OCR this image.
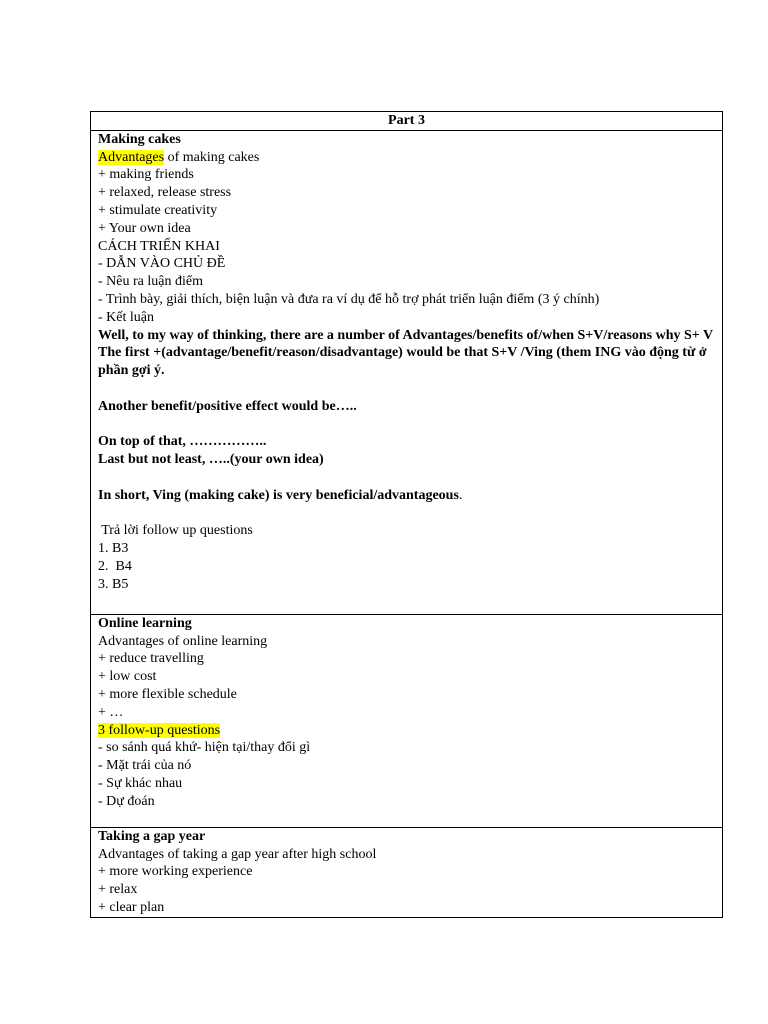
Part 3

Making cakes
Advantages of making cakes
+ making friends
+ relaxed, release stress
+ stimulate creativity
+ Your own idea
CÁCH TRIỂN KHAI
- DẪN VÀO CHỦ ĐỀ
- Nêu ra luận điểm
- Trình bày, giải thích, biện luận và đưa ra ví dụ để hỗ trợ phát triển luận điểm (3 ý chính)
- Kết luận
Well, to my way of thinking, there are a number of Advantages/benefits of/when S+V/reasons why S+ V
The first +(advantage/benefit/reason/disadvantage) would be that S+V /Ving (them ING vào động từ ở phần gợi ý.
Another benefit/positive effect would be…..
On top of that, ……………..
Last but not least, …..(your own idea)
In short, Ving (making cake) is very beneficial/advantageous.
Trả lời follow up questions
1. B3
2.  B4
3. B5

Online learning
Advantages of online learning
+ reduce travelling
+ low cost
+ more flexible schedule
+ …
3 follow-up questions
- so sánh quá khứ- hiện tại/thay đổi gì
- Mặt trái của nó
- Sự khác nhau
- Dự đoán

Taking a gap year
Advantages of taking a gap year after high school
+ more working experience
+ relax
+ clear plan
